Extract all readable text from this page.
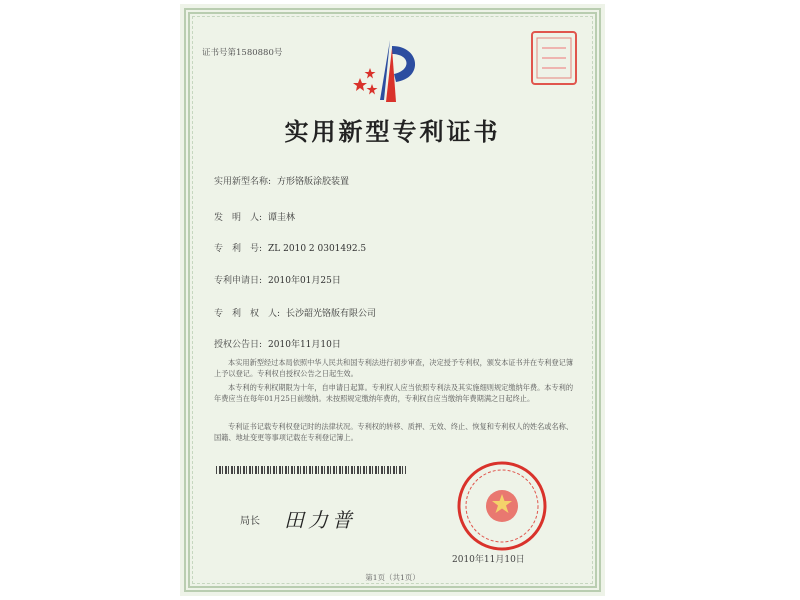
证书号第1580880号
实用新型专利证书
实用新型名称: 方形铬版涂胶装置
发　明　人: 谭圭林
专　利　号: ZL 2010 2 0301492.5
专利申请日: 2010年01月25日
专　利　权　人: 长沙韶光铬版有限公司
授权公告日: 2010年11月10日
本实用新型经过本局依照中华人民共和国专利法进行初步审查，决定授予专利权，颁发本证书并在专利登记簿上予以登记。专利权自授权公告之日起生效。
本专利的专利权期限为十年，自申请日起算。专利权人应当依照专利法及其实施细则规定缴纳年费。本专利的年费应当在每年01月25日前缴纳。未按照规定缴纳年费的，专利权自应当缴纳年费期满之日起终止。
专利证书记载专利权登记时的法律状况。专利权的转移、质押、无效、终止、恢复和专利权人的姓名或名称、国籍、地址变更等事项记载在专利登记簿上。
局长 田力普
2010年11月10日
第1页（共1页）
